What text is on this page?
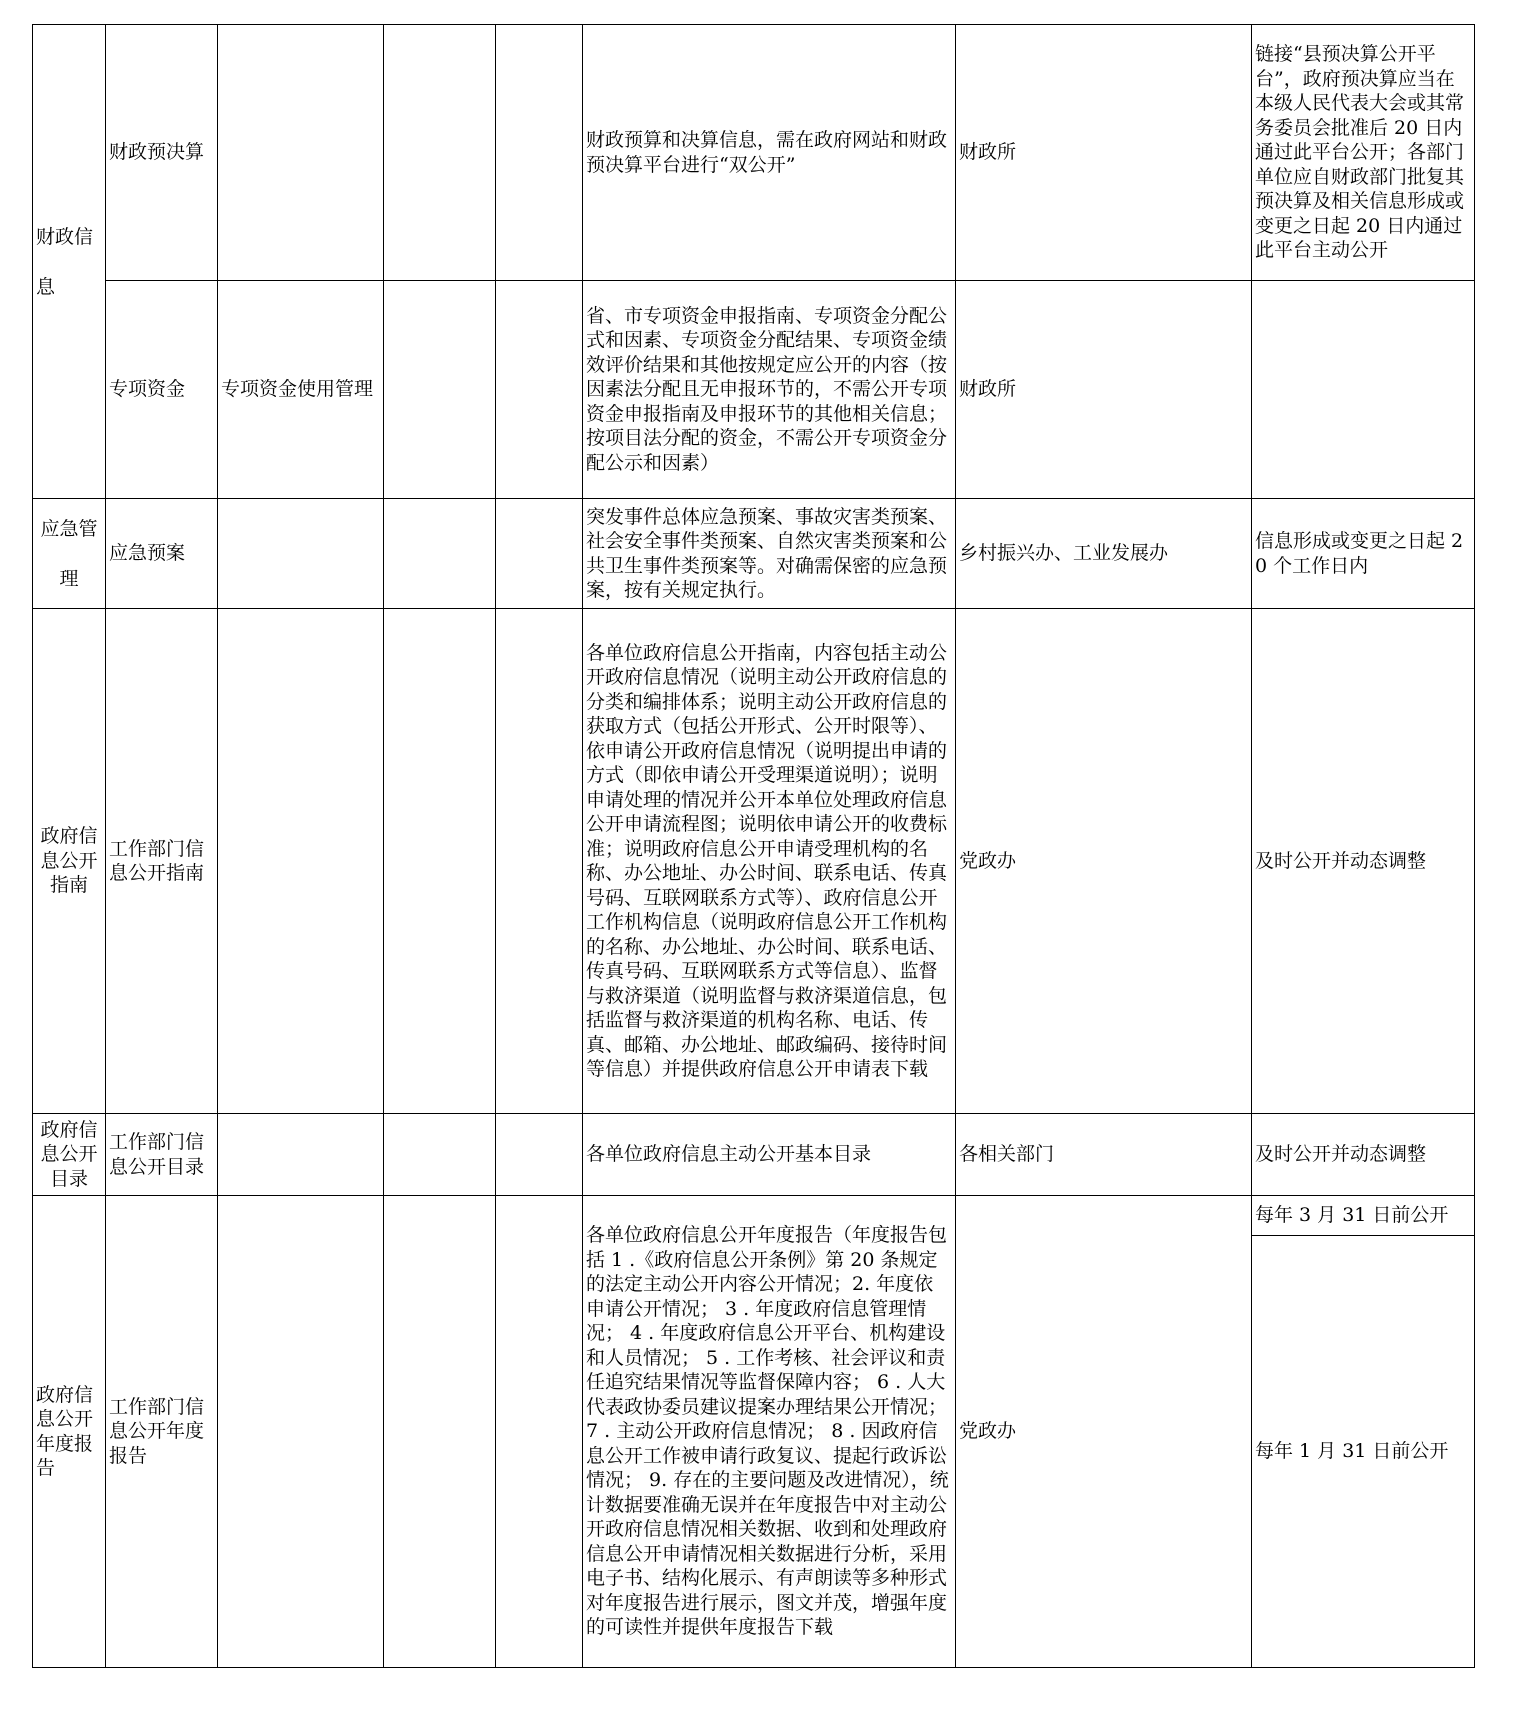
财政信息	财政预决算				财政预算和决算信息，需在政府网站和财政预决算平台进行“双公开”	财政所	链接“县预决算公开平台”，政府预决算应当在本级人民代表大会或其常务委员会批准后 20 日内通过此平台公开；各部门单位应自财政部门批复其预决算及相关信息形成或变更之日起 20 日内通过此平台主动公开
	专项资金	专项资金使用管理			省、市专项资金申报指南、专项资金分配公式和因素、专项资金分配结果、专项资金绩效评价结果和其他按规定应公开的内容（按因素法分配且无申报环节的，不需公开专项资金申报指南及申报环节的其他相关信息；按项目法分配的资金，不需公开专项资金分配公示和因素）	财政所	
应急管理	应急预案				突发事件总体应急预案、事故灾害类预案、社会安全事件类预案、自然灾害类预案和公共卫生事件类预案等。对确需保密的应急预案，按有关规定执行。	乡村振兴办、工业发展办	信息形成或变更之日起 20 个工作日内
政府信息公开指南	工作部门信息公开指南				各单位政府信息公开指南，内容包括主动公开政府信息情况（说明主动公开政府信息的分类和编排体系；说明主动公开政府信息的获取方式（包括公开形式、公开时限等）、依申请公开政府信息情况（说明提出申请的方式（即依申请公开受理渠道说明）；说明申请处理的情况并公开本单位处理政府信息公开申请流程图；说明依申请公开的收费标准；说明政府信息公开申请受理机构的名称、办公地址、办公时间、联系电话、传真号码、互联网联系方式等）、政府信息公开工作机构信息（说明政府信息公开工作机构的名称、办公地址、办公时间、联系电话、传真号码、互联网联系方式等信息）、监督与救济渠道（说明监督与救济渠道信息，包括监督与救济渠道的机构名称、电话、传真、邮箱、办公地址、邮政编码、接待时间等信息）并提供政府信息公开申请表下载	党政办	及时公开并动态调整
政府信息公开目录	工作部门信息公开目录				各单位政府信息主动公开基本目录	各相关部门	及时公开并动态调整
政府信息公开年度报告	工作部门信息公开年度报告				各单位政府信息公开年度报告（年度报告包括 1 .《政府信息公开条例》第 20 条规定的法定主动公开内容公开情况；2. 年度依申请公开情况； 3 . 年度政府信息管理情况； 4 . 年度政府信息公开平台、机构建设和人员情况； 5 . 工作考核、社会评议和责任追究结果情况等监督保障内容； 6 . 人大代表政协委员建议提案办理结果公开情况； 7 . 主动公开政府信息情况； 8 . 因政府信息公开工作被申请行政复议、提起行政诉讼情况； 9. 存在的主要问题及改进情况），统计数据要准确无误并在年度报告中对主动公开政府信息情况相关数据、收到和处理政府信息公开申请情况相关数据进行分析，采用电子书、结构化展示、有声朗读等多种形式对年度报告进行展示，图文并茂，增强年度的可读性并提供年度报告下载	党政办	每年 3 月 31 日前公开
							每年 1 月 31 日前公开
